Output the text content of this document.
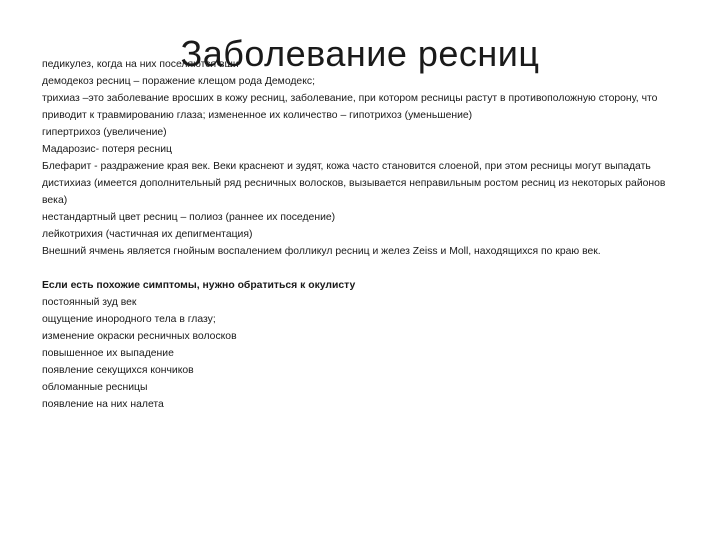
Заболевание ресниц

педикулез, когда на них поселяются вши

демодекоз ресниц – поражение клещом рода Демодекс;

трихиаз –это заболевание вросших в кожу ресниц, заболевание, при котором ресницы растут в противоположную сторону, что приводит к травмированию глаза; измененное их количество – гипотрихоз (уменьшение)

гипертрихоз (увеличение)

Мадарозис- потеря ресниц

Блефарит - раздражение края век. Веки краснеют и зудят, кожа часто становится слоеной, при этом ресницы могут выпадать

дистихиаз (имеется дополнительный ряд ресничных волосков, вызывается неправильным ростом ресниц из некоторых районов века)

нестандартный цвет ресниц – полиоз (раннее их поседение)

лейкотрихия (частичная их депигментация)

Внешний ячмень является гнойным воспалением фолликул ресниц и желез Zeiss и Moll, находящихся по краю век.

Если есть похожие симптомы, нужно обратиться к окулисту

постоянный зуд век

ощущение инородного тела в глазу;

изменение окраски ресничных волосков

повышенное их выпадение

появление секущихся кончиков

обломанные ресницы

появление на них налета
